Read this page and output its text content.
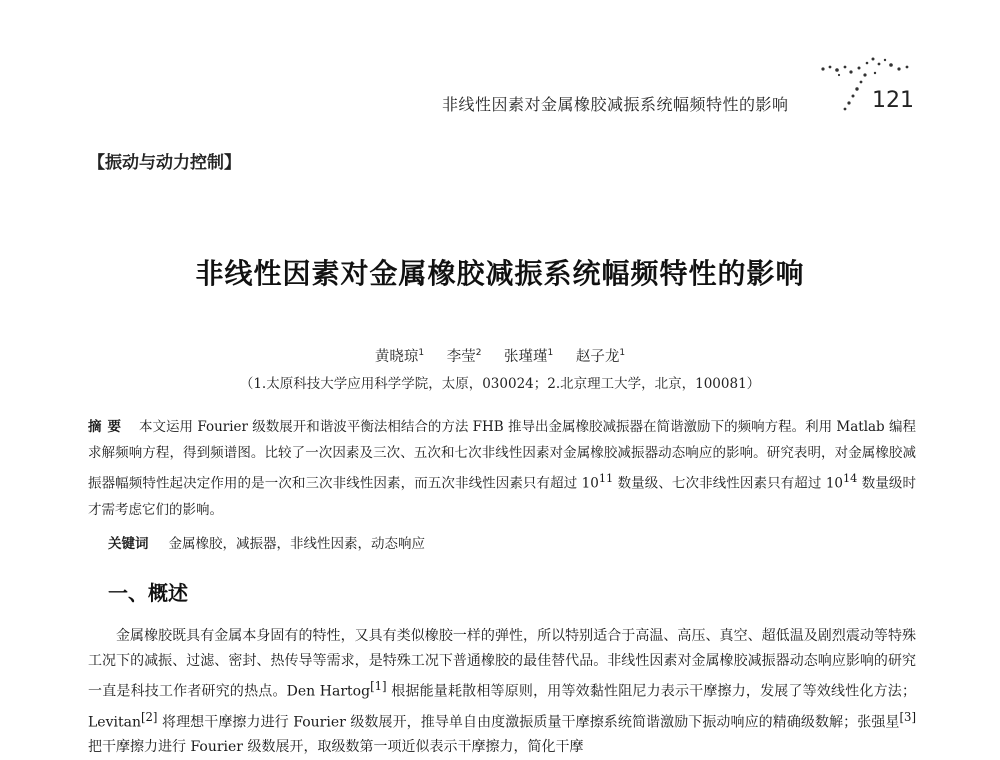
非线性因素对金属橡胶减振系统幅频特性的影响	121
【振动与动力控制】
非线性因素对金属橡胶减振系统幅频特性的影响
黄晓琼$^1$ 李莹$^2$ 张瑾瑾$^1$ 赵子龙$^1$
（1.太原科技大学应用科学学院，太原，030024；2.北京理工大学，北京，100081）
摘要 本文运用 Fourier 级数展开和谐波平衡法相结合的方法 FHB 推导出金属橡胶减振器在简谐激励下的频响方程。利用 Matlab 编程求解频响方程，得到频谱图。比较了一次因素及三次、五次和七次非线性因素对金属橡胶减振器动态响应的影响。研究表明，对金属橡胶减振器幅频特性起决定作用的是一次和三次非线性因素，而五次非线性因素只有超过 $10^{11}$ 数量级、七次非线性因素只有超过 $10^{14}$ 数量级时才需考虑它们的影响。
关键词 金属橡胶，减振器，非线性因素，动态响应
一、概述
金属橡胶既具有金属本身固有的特性，又具有类似橡胶一样的弹性，所以特别适合于高温、高压、真空、超低温及剧烈震动等特殊工况下的减振、过滤、密封、热传导等需求，是特殊工况下普通橡胶的最佳替代品。非线性因素对金属橡胶减振器动态响应影响的研究一直是科技工作者研究的热点。Den Hartog[1] 根据能量耗散相等原则，用等效黏性阻尼力表示干摩擦力，发展了等效线性化方法；Levitan[2] 将理想干摩擦力进行 Fourier 级数展开，推导单自由度激振质量干摩擦系统简谐激励下振动响应的精确级数解；张强星[3] 把干摩擦力进行 Fourier 级数展开，取级数第一项近似表示干摩擦力，简化干摩
